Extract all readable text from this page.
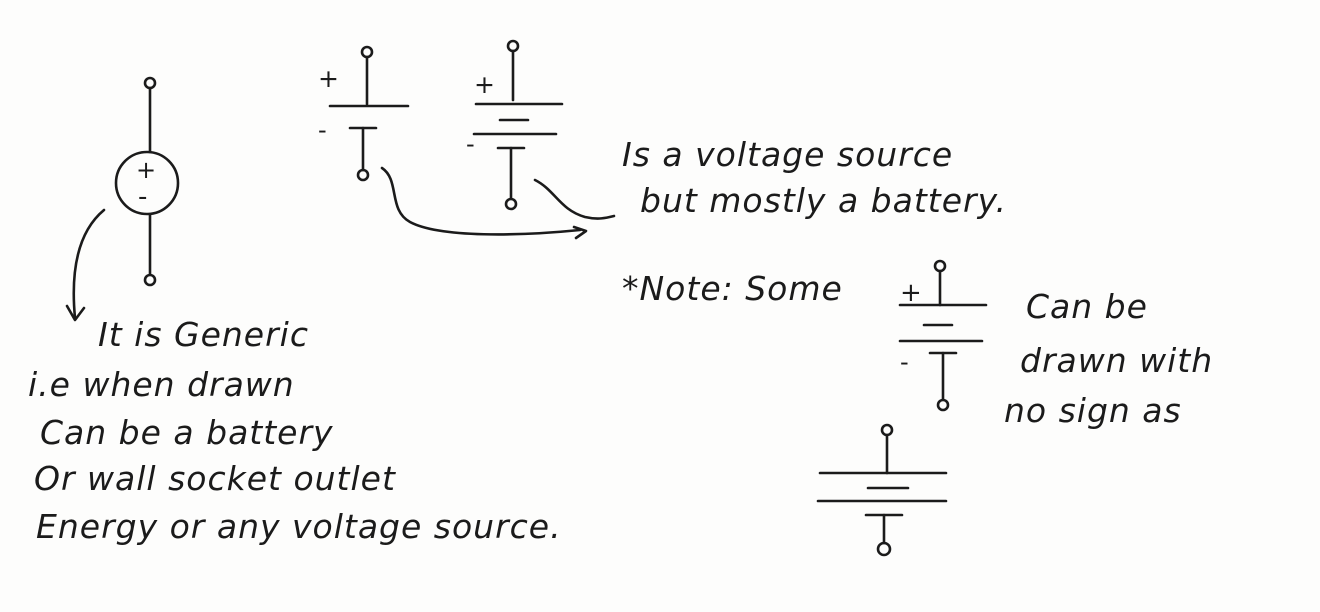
+
-
+
-
+
-
+
-

It is Generic

i.e when drawn

Can be a battery

Or wall socket outlet

Energy or any voltage source.

Is a voltage source

but mostly a battery.

*Note: Some	Can be

drawn with

no sign as
